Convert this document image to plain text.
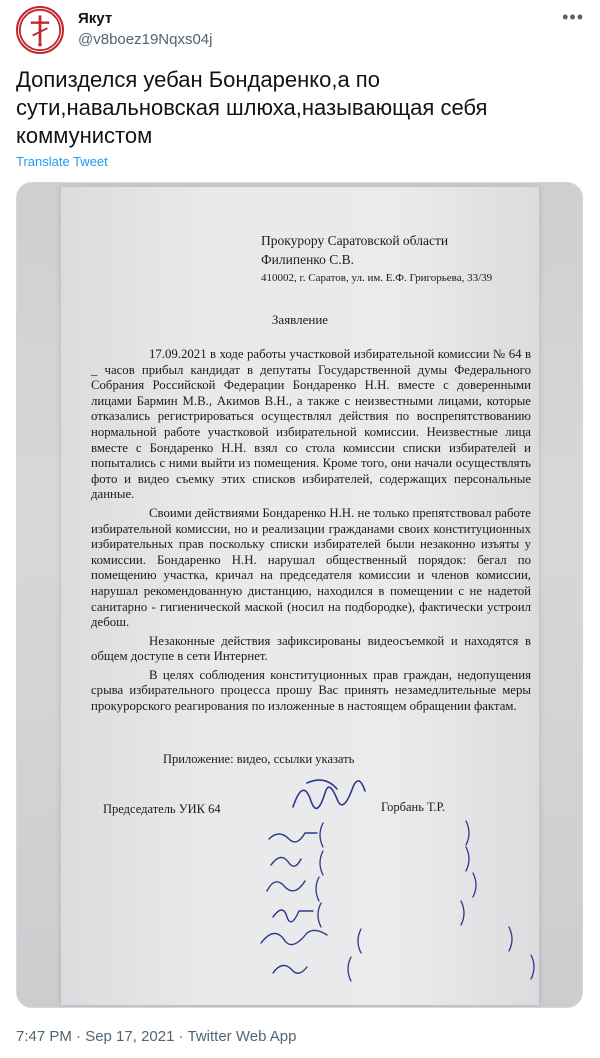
Якут
@v8boez19Nqxs04j
•••
Допизделся уебан Бондаренко,а по сути,навальновская шлюха,называющая себя коммунистом
Translate Tweet
Прокурору Саратовской области
Филипенко С.В.
410002, г. Саратов, ул. им. Е.Ф. Григорьева, 33/39
Заявление

17.09.2021 в ходе работы участковой избирательной комиссии № 64 в _ часов прибыл кандидат в депутаты Государственной думы Федерального Собрания Российской Федерации Бондаренко Н.Н. вместе с доверенными лицами Бармин М.В., Акимов В.Н., а также с неизвестными лицами, которые отказались регистрироваться осуществлял действия по воспрепятствованию нормальной работе участковой избирательной комиссии. Неизвестные лица вместе с Бондаренко Н.Н. взял со стола комиссии списки избирателей и попытались с ними выйти из помещения. Кроме того, они начали осуществлять фото и видео съемку этих списков избирателей, содержащих персональные данные.

Своими действиями Бондаренко Н.Н. не только препятствовал работе избирательной комиссии, но и реализации гражданами своих конституционных избирательных прав поскольку списки избирателей были незаконно изъяты у комиссии. Бондаренко Н.Н. нарушал общественный порядок: бегал по помещению участка, кричал на председателя комиссии и членов комиссии, нарушал рекомендованную дистанцию, находился в помещении с не надетой санитарно - гигиенической маской (носил на подбородке), фактически устроил дебош.

Незаконные действия зафиксированы видеосъемкой и находятся в общем доступе в сети Интернет.

В целях соблюдения конституционных прав граждан, недопущения срыва избирательного процесса прошу Вас принять незамедлительные меры прокурорского реагирования по изложенные в настоящем обращении фактам.

Приложение: видео, ссылки указать
Председатель УИК 64	Горбань Т.Р.
(Логинова С.В.)
(Зотова Е.Л.)
(Полякова И.А.)
(Птоваг А.П.)
(Широкова Е.В.)
(Комиссаров С.Н.)
7:47 PM · Sep 17, 2021 · Twitter Web App
